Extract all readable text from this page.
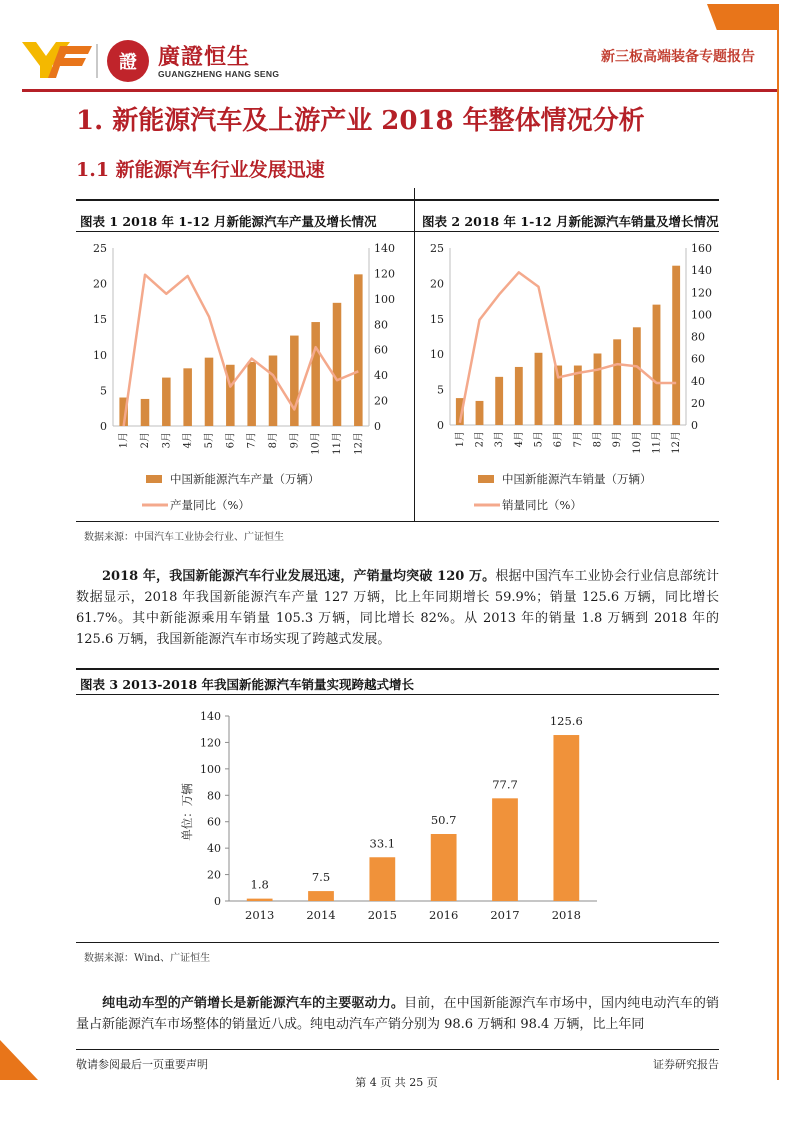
證 廣證恒生
GUANGZHENG HANG SENG
新三板高端装备专题报告
1. 新能源汽车及上游产业 2018 年整体情况分析
1.1 新能源汽车行业发展迅速
图表 1 2018 年 1-12 月新能源汽车产量及增长情况	图表 2 2018 年 1-12 月新能源汽车销量及增长情况
0
5
10
15
20
25
0
20
40
60
80
100
120
140
1月 2月 3月 4月 5月 6月 7月 8月 9月 10月 11月 12月
中国新能源汽车产量（万辆）
产量同比（%）
0
5
10
15
20
25
0
20
40
60
80
100
120
140
160
1月 2月 3月 4月 5月 6月 7月 8月 9月 10月 11月 12月
中国新能源汽车销量（万辆）
销量同比（%）
数据来源：中国汽车工业协会行业、广证恒生

2018 年，我国新能源汽车行业发展迅速，产销量均突破 120 万。根据中国汽车工业协会行业信息部统计数据显示，2018 年我国新能源汽车产量 127 万辆，比上年同期增长 59.9%；销量 125.6 万辆，同比增长 61.7%。其中新能源乘用车销量 105.3 万辆，同比增长 82%。从 2013 年的销量 1.8 万辆到 2018 年的 125.6 万辆，我国新能源汽车市场实现了跨越式发展。

图表 3 2013-2018 年我国新能源汽车销量实现跨越式增长
0
20
40
60
80
100
120
140
单位：万辆
1.8
2013
7.5
2014
33.1
2015
50.7
2016
77.7
2017
125.6
2018
数据来源：Wind、广证恒生

纯电动车型的产销增长是新能源汽车的主要驱动力。目前，在中国新能源汽车市场中，国内纯电动汽车的销量占新能源汽车市场整体的销量近八成。纯电动汽车产销分别为 98.6 万辆和 98.4 万辆，比上年同

敬请参阅最后一页重要声明	证券研究报告
第 4 页 共 25 页
